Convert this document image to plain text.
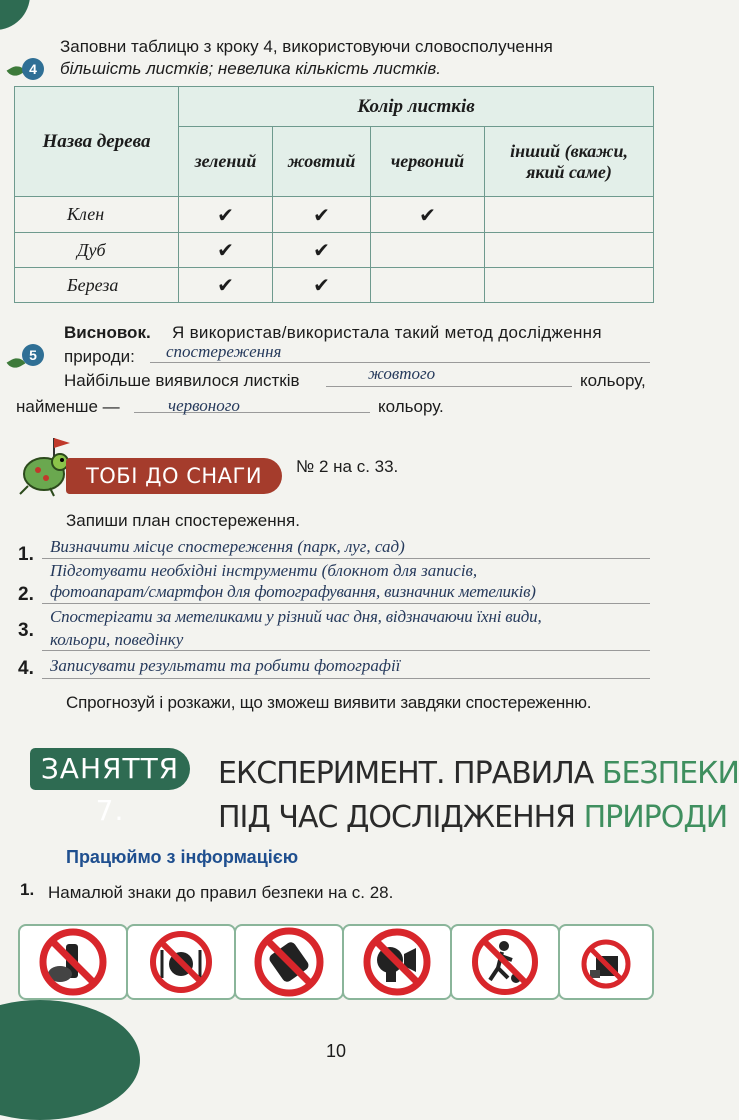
4
Заповни таблицю з кроку 4, використовуючи словосполучення
більшість листків; невелика кількість листків.
Назва дерева	Колір листків			
	зелений	жовтий	червоний	інший (вкажи, який саме)
Клен	✔	✔	✔	
Дуб	✔	✔		
Береза	✔	✔		
5
Висновок. Я використав/використала такий метод дослідження
природи: спостереження
Найбільше виявилося листків	жовтого	кольору,
найменше —	червоного	кольору.
ТОБІ ДО СНАГИ	№ 2 на с. 33.
Запиши план спостереження.
1. Визначити місце спостереження (парк, луг, сад)
2.
Підготувати необхідні інструменти (блокнот для записів,
фотоапарат/смартфон для фотографування, визначник метеликів)
3.
Спостерігати за метеликами у різний час дня, відзначаючи їхні види,
кольори, поведінку
4. Записувати результати та робити фотографії
Спрогнозуй і розкажи, що зможеш виявити завдяки спостереженню.
ЗАНЯТТЯ 7.
ЕКСПЕРИМЕНТ. ПРАВИЛА БЕЗПЕКИ
ПІД ЧАС ДОСЛІДЖЕННЯ ПРИРОДИ
Працюймо з інформацією
1. Намалюй знаки до правил безпеки на с. 28.
10
